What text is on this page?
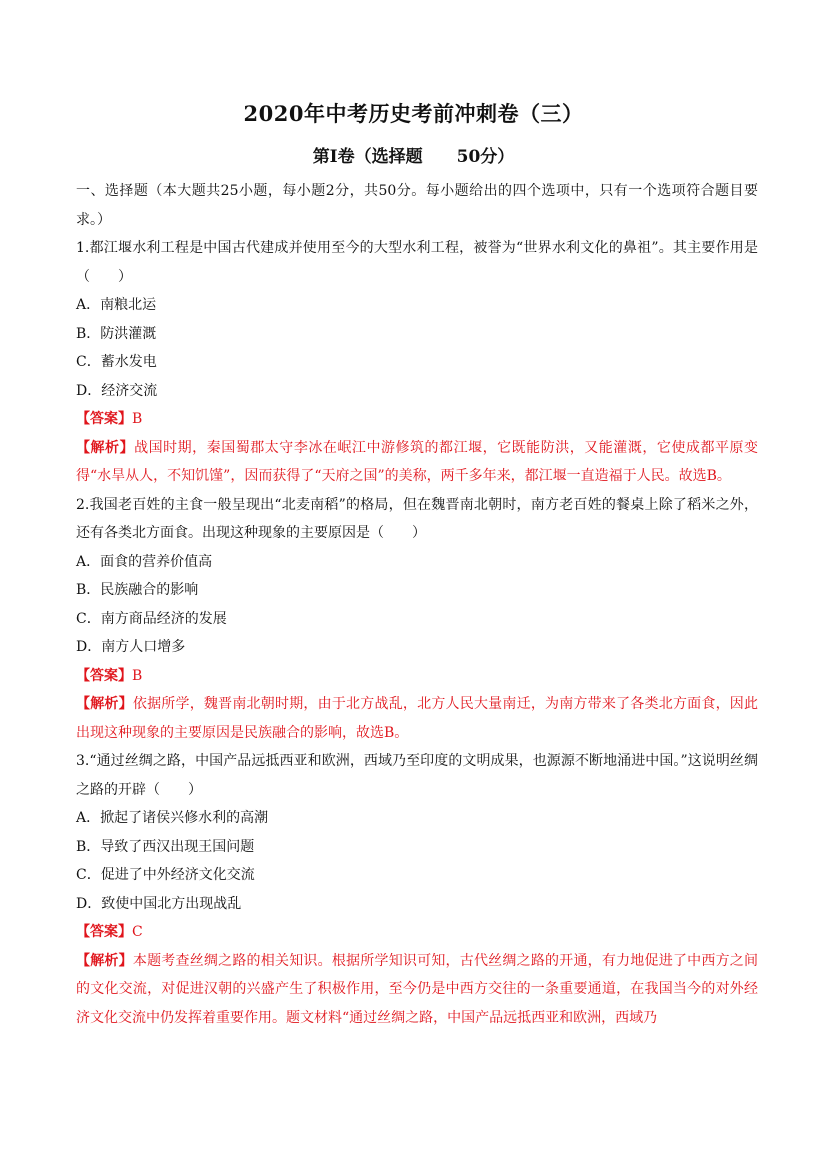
2020年中考历史考前冲刺卷（三）
第Ⅰ卷（选择题　　50分）

一、选择题（本大题共25小题，每小题2分，共50分。每小题给出的四个选项中，只有一个选项符合题目要求。）

1.都江堰水利工程是中国古代建成并使用至今的大型水利工程，被誉为“世界水利文化的鼻祖”。其主要作用是（　　）

A．南粮北运

B．防洪灌溉

C．蓄水发电

D．经济交流

【答案】B

【解析】战国时期，秦国蜀郡太守李冰在岷江中游修筑的都江堰，它既能防洪，又能灌溉，它使成都平原变得“水旱从人，不知饥馑”，因而获得了“天府之国”的美称，两千多年来，都江堰一直造福于人民。故选B。

2.我国老百姓的主食一般呈现出“北麦南稻”的格局，但在魏晋南北朝时，南方老百姓的餐桌上除了稻米之外，还有各类北方面食。出现这种现象的主要原因是（　　）

A．面食的营养价值高

B．民族融合的影响

C．南方商品经济的发展

D．南方人口增多

【答案】B

【解析】依据所学，魏晋南北朝时期，由于北方战乱，北方人民大量南迁，为南方带来了各类北方面食，因此出现这种现象的主要原因是民族融合的影响，故选B。

3.“通过丝绸之路，中国产品远抵西亚和欧洲，西域乃至印度的文明成果，也源源不断地涌进中国。”这说明丝绸之路的开辟（　　）

A．掀起了诸侯兴修水利的高潮

B．导致了西汉出现王国问题

C．促进了中外经济文化交流

D．致使中国北方出现战乱

【答案】C

【解析】本题考查丝绸之路的相关知识。根据所学知识可知，古代丝绸之路的开通，有力地促进了中西方之间的文化交流，对促进汉朝的兴盛产生了积极作用，至今仍是中西方交往的一条重要通道，在我国当今的对外经济文化交流中仍发挥着重要作用。题文材料“通过丝绸之路，中国产品远抵西亚和欧洲，西域乃
